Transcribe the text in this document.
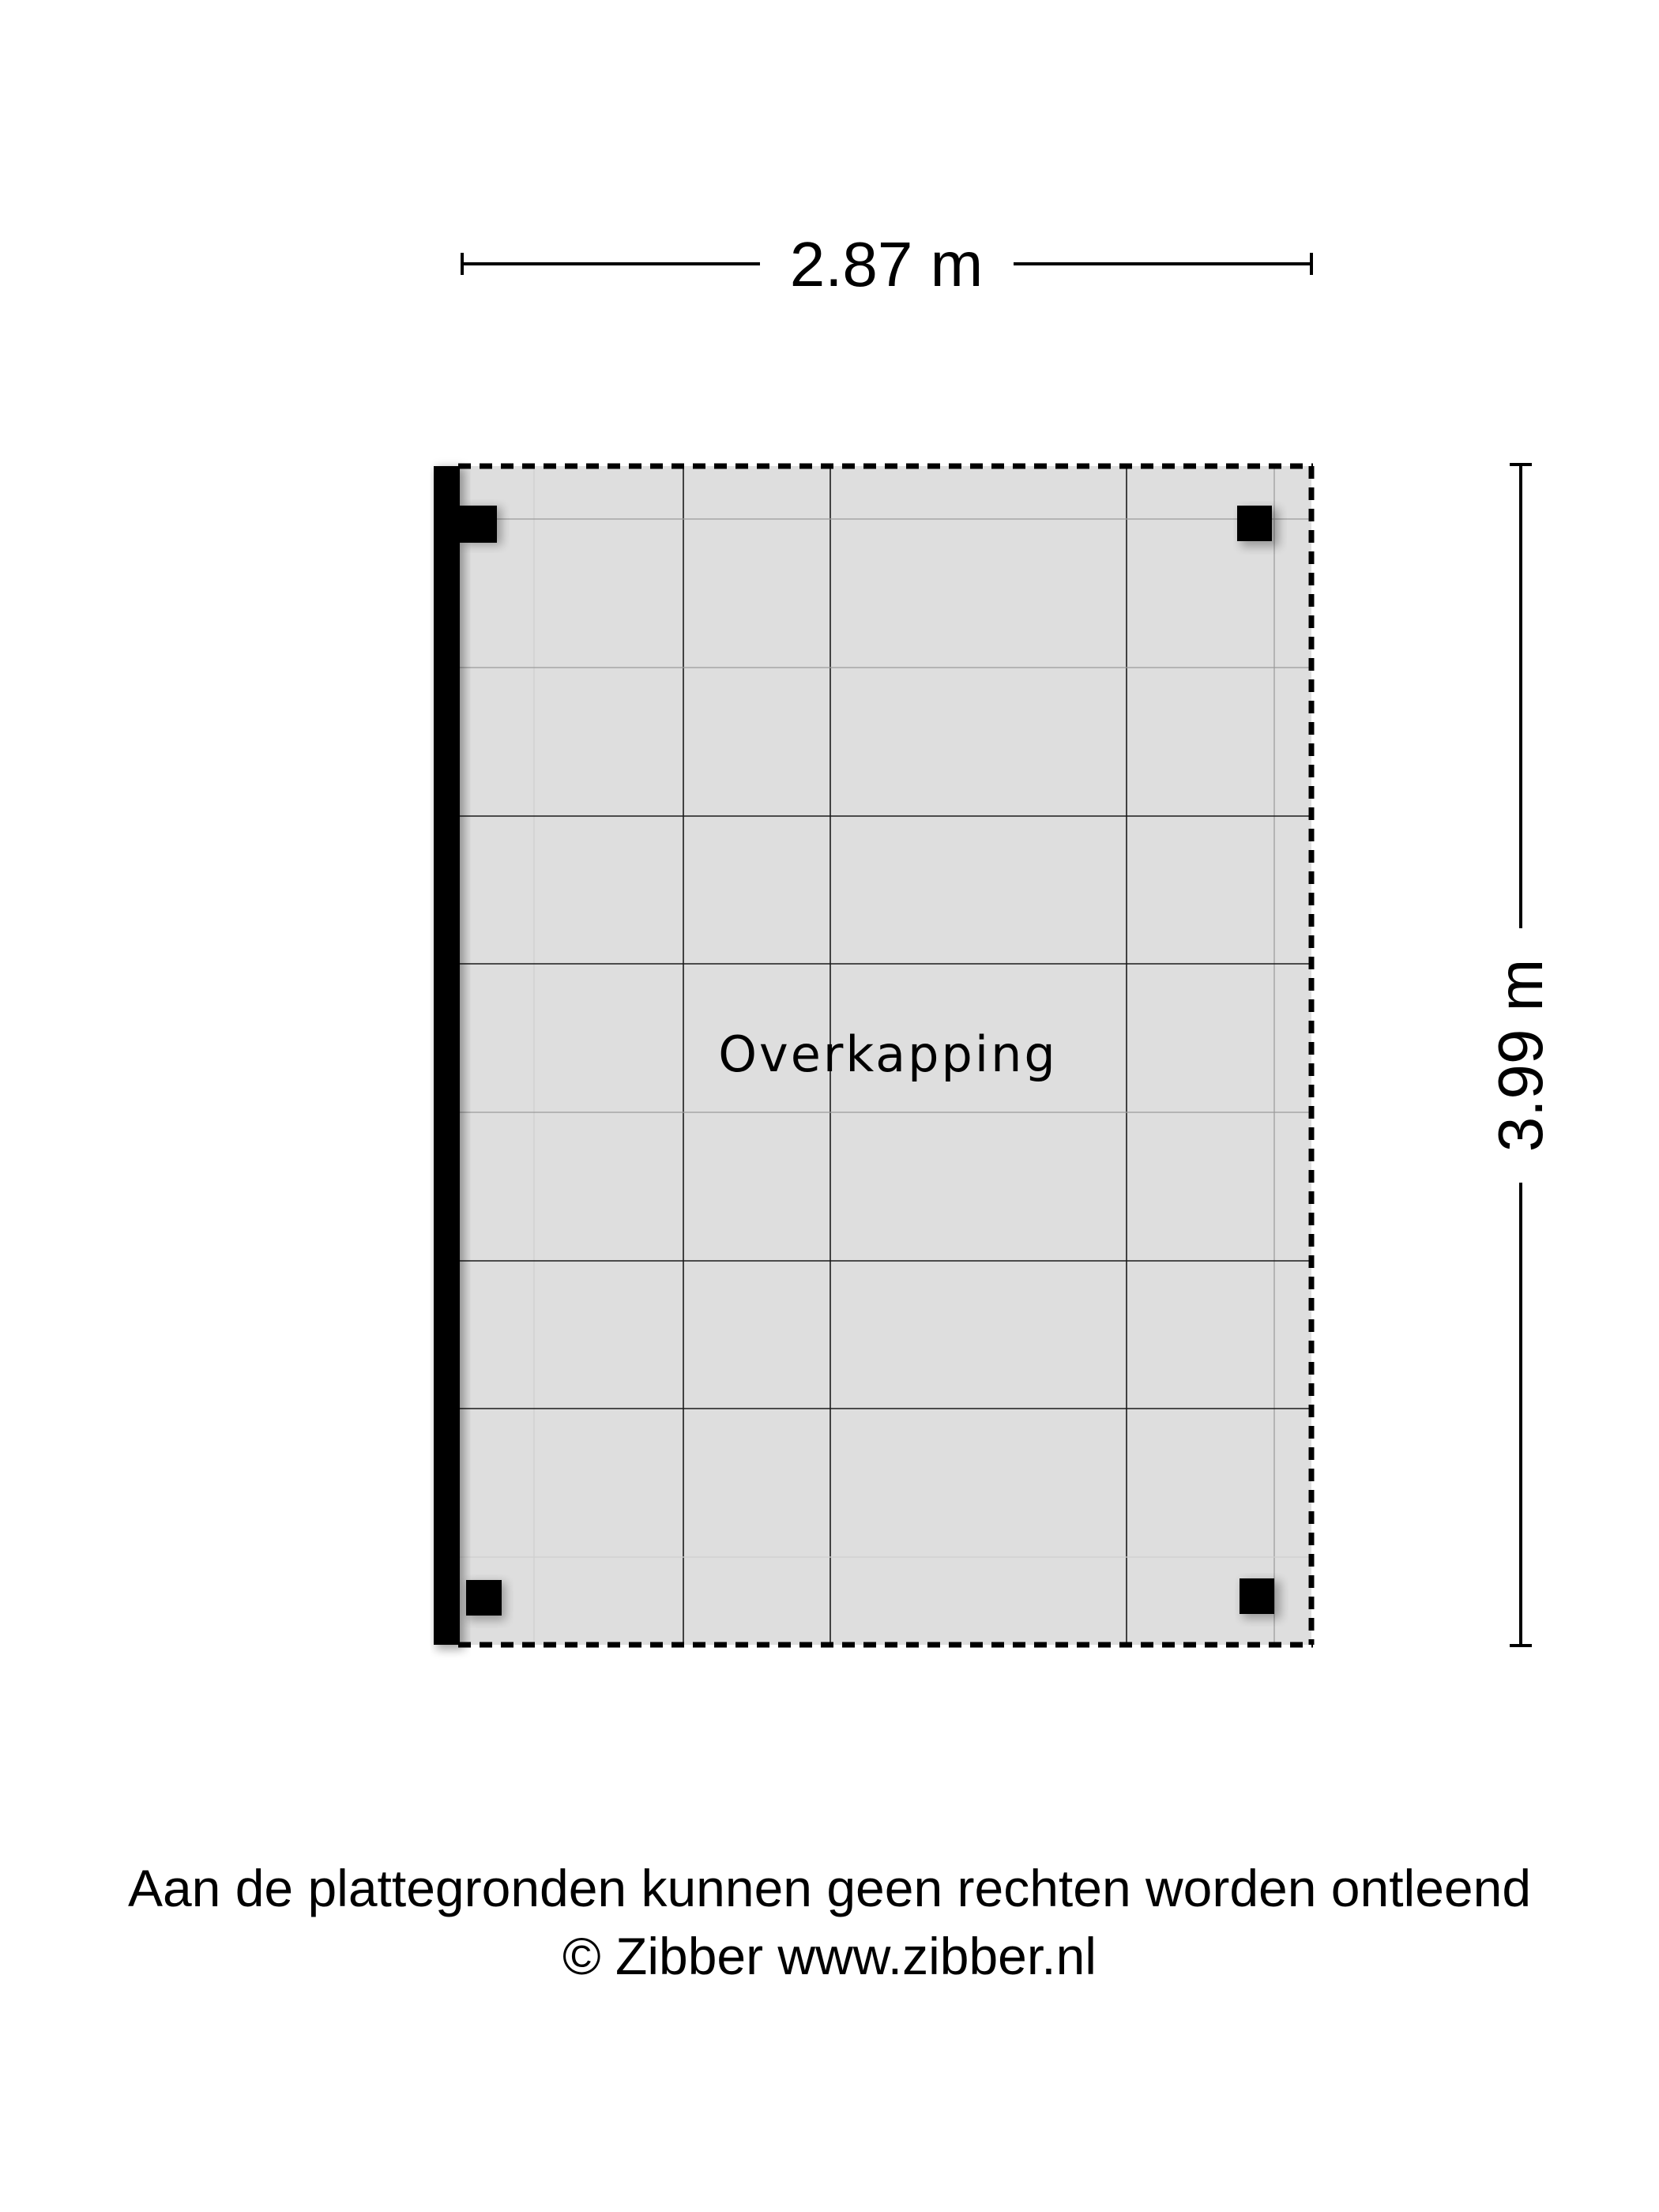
2.87 m
3.99 m
Overkapping
Aan de plattegronden kunnen geen rechten worden ontleend
© Zibber www.zibber.nl
